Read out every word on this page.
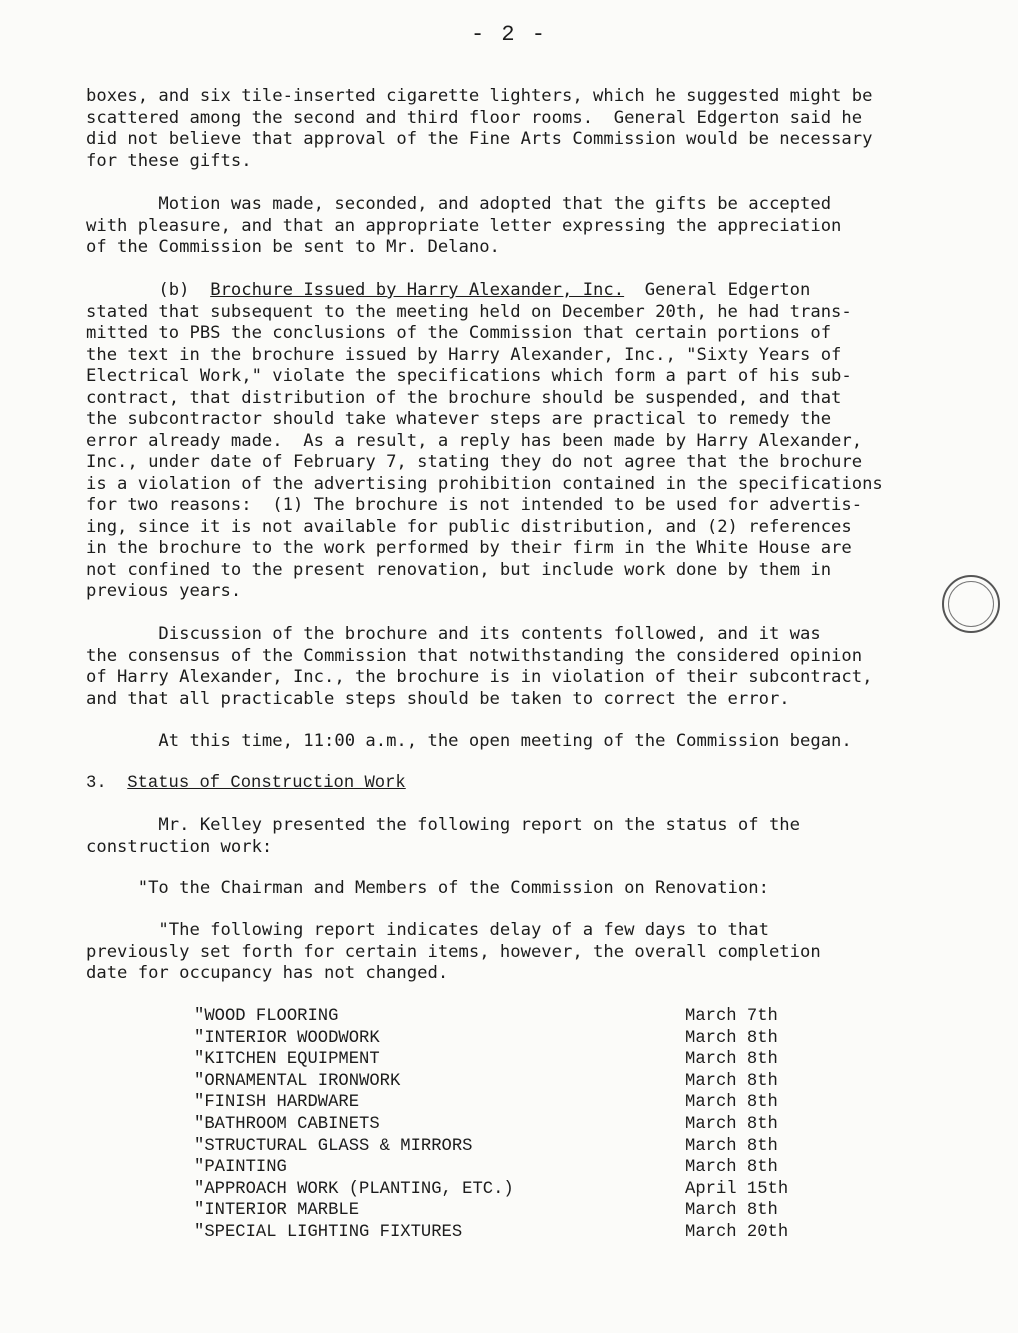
- 2 -
boxes, and six tile-inserted cigarette lighters, which he suggested might be
scattered among the second and third floor rooms.  General Edgerton said he
did not believe that approval of the Fine Arts Commission would be necessary
for these gifts.
Motion was made, seconded, and adopted that the gifts be accepted
with pleasure, and that an appropriate letter expressing the appreciation
of the Commission be sent to Mr. Delano.
(b)  Brochure Issued by Harry Alexander, Inc.  General Edgerton
stated that subsequent to the meeting held on December 20th, he had trans-
mitted to PBS the conclusions of the Commission that certain portions of
the text in the brochure issued by Harry Alexander, Inc., "Sixty Years of
Electrical Work," violate the specifications which form a part of his sub-
contract, that distribution of the brochure should be suspended, and that
the subcontractor should take whatever steps are practical to remedy the
error already made.  As a result, a reply has been made by Harry Alexander,
Inc., under date of February 7, stating they do not agree that the brochure
is a violation of the advertising prohibition contained in the specifications
for two reasons:  (1) The brochure is not intended to be used for advertis-
ing, since it is not available for public distribution, and (2) references
in the brochure to the work performed by their firm in the White House are
not confined to the present renovation, but include work done by them in
previous years.
Discussion of the brochure and its contents followed, and it was
the consensus of the Commission that notwithstanding the considered opinion
of Harry Alexander, Inc., the brochure is in violation of their subcontract,
and that all practicable steps should be taken to correct the error.
At this time, 11:00 a.m., the open meeting of the Commission began.
3.  Status of Construction Work
Mr. Kelley presented the following report on the status of the
construction work:
"To the Chairman and Members of the Commission on Renovation:
"The following report indicates delay of a few days to that
previously set forth for certain items, however, the overall completion
date for occupancy has not changed.
"WOOD FLOORING	March 7th
"INTERIOR WOODWORK	March 8th
"KITCHEN EQUIPMENT	March 8th
"ORNAMENTAL IRONWORK	March 8th
"FINISH HARDWARE	March 8th
"BATHROOM CABINETS	March 8th
"STRUCTURAL GLASS & MIRRORS	March 8th
"PAINTING	March 8th
"APPROACH WORK (PLANTING, ETC.)	April 15th
"INTERIOR MARBLE	March 8th
"SPECIAL LIGHTING FIXTURES	March 20th
